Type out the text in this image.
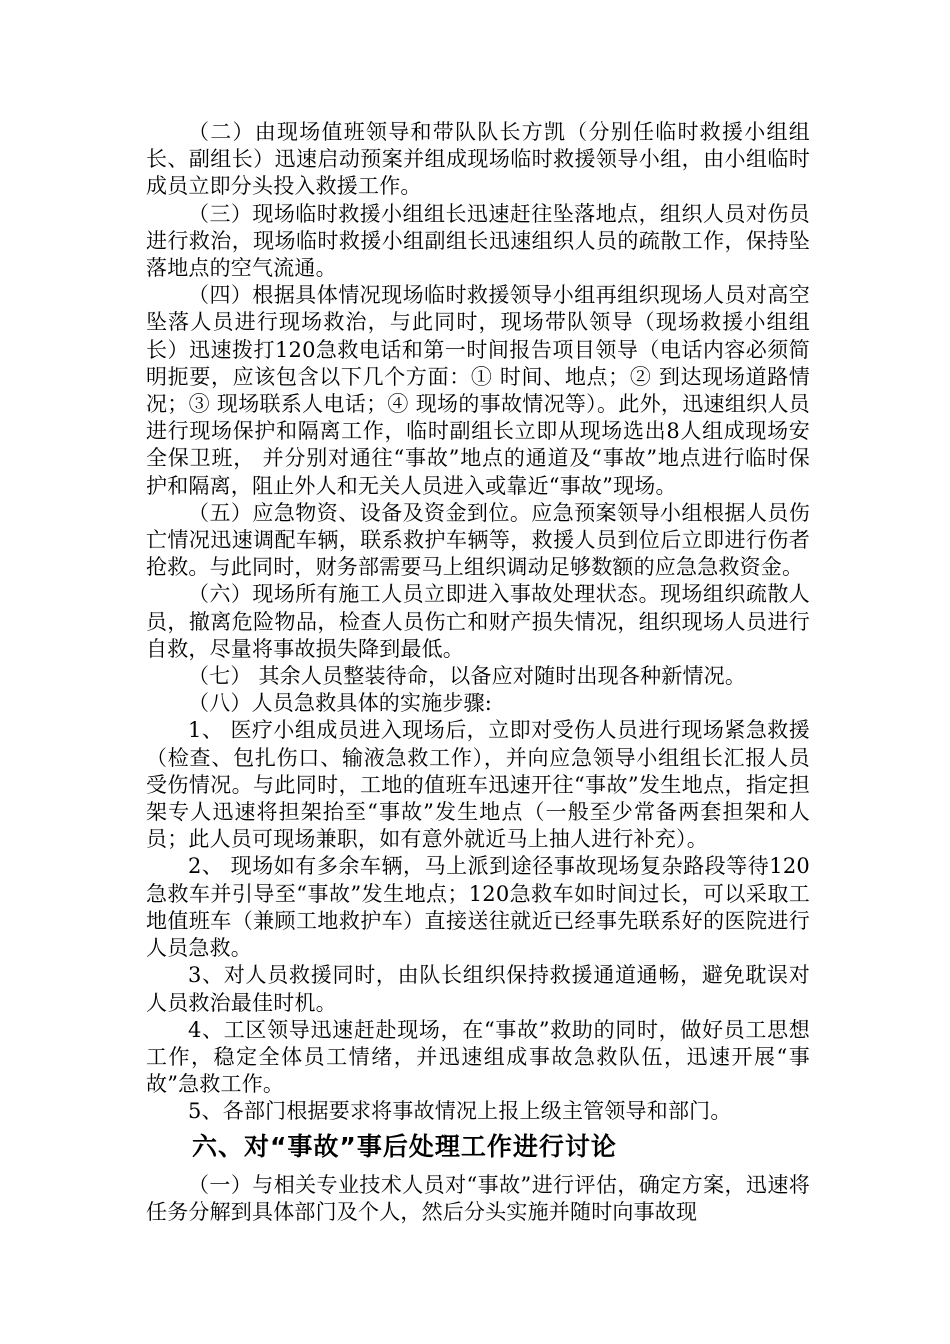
（二）由现场值班领导和带队队长方凯（分别任临时救援小组组长、副组长）迅速启动预案并组成现场临时救援领导小组，由小组临时成员立即分头投入救援工作。

（三）现场临时救援小组组长迅速赶往坠落地点，组织人员对伤员进行救治，现场临时救援小组副组长迅速组织人员的疏散工作，保持坠落地点的空气流通。

（四）根据具体情况现场临时救援领导小组再组织现场人员对高空坠落人员进行现场救治，与此同时，现场带队领导（现场救援小组组长）迅速拨打120急救电话和第一时间报告项目领导（电话内容必须简明扼要，应该包含以下几个方面：① 时间、地点；② 到达现场道路情况；③ 现场联系人电话；④ 现场的事故情况等）。此外，迅速组织人员进行现场保护和隔离工作，临时副组长立即从现场选出8人组成现场安全保卫班， 并分别对通往“事故”地点的通道及“事故”地点进行临时保护和隔离，阻止外人和无关人员进入或靠近“事故”现场。

（五）应急物资、设备及资金到位。应急预案领导小组根据人员伤亡情况迅速调配车辆，联系救护车辆等，救援人员到位后立即进行伤者抢救。与此同时，财务部需要马上组织调动足够数额的应急急救资金。

（六）现场所有施工人员立即进入事故处理状态。现场组织疏散人员，撤离危险物品，检查人员伤亡和财产损失情况，组织现场人员进行自救，尽量将事故损失降到最低。

（七） 其余人员整装待命，以备应对随时出现各种新情况。

（八）人员急救具体的实施步骤:

1、 医疗小组成员进入现场后，立即对受伤人员进行现场紧急救援（检查、包扎伤口、输液急救工作），并向应急领导小组组长汇报人员受伤情况。与此同时，工地的值班车迅速开往“事故”发生地点，指定担架专人迅速将担架抬至“事故”发生地点（一般至少常备两套担架和人员；此人员可现场兼职，如有意外就近马上抽人进行补充）。

2、 现场如有多余车辆，马上派到途径事故现场复杂路段等待120急救车并引导至“事故”发生地点；120急救车如时间过长，可以采取工地值班车（兼顾工地救护车）直接送往就近已经事先联系好的医院进行人员急救。

3、对人员救援同时，由队长组织保持救援通道通畅，避免耽误对人员救治最佳时机。

4、工区领导迅速赶赴现场，在“事故”救助的同时，做好员工思想工作，稳定全体员工情绪，并迅速组成事故急救队伍，迅速开展“事故”急救工作。

5、各部门根据要求将事故情况上报上级主管领导和部门。

六、对“事故”事后处理工作进行讨论

（一）与相关专业技术人员对“事故”进行评估，确定方案，迅速将任务分解到具体部门及个人，然后分头实施并随时向事故现
